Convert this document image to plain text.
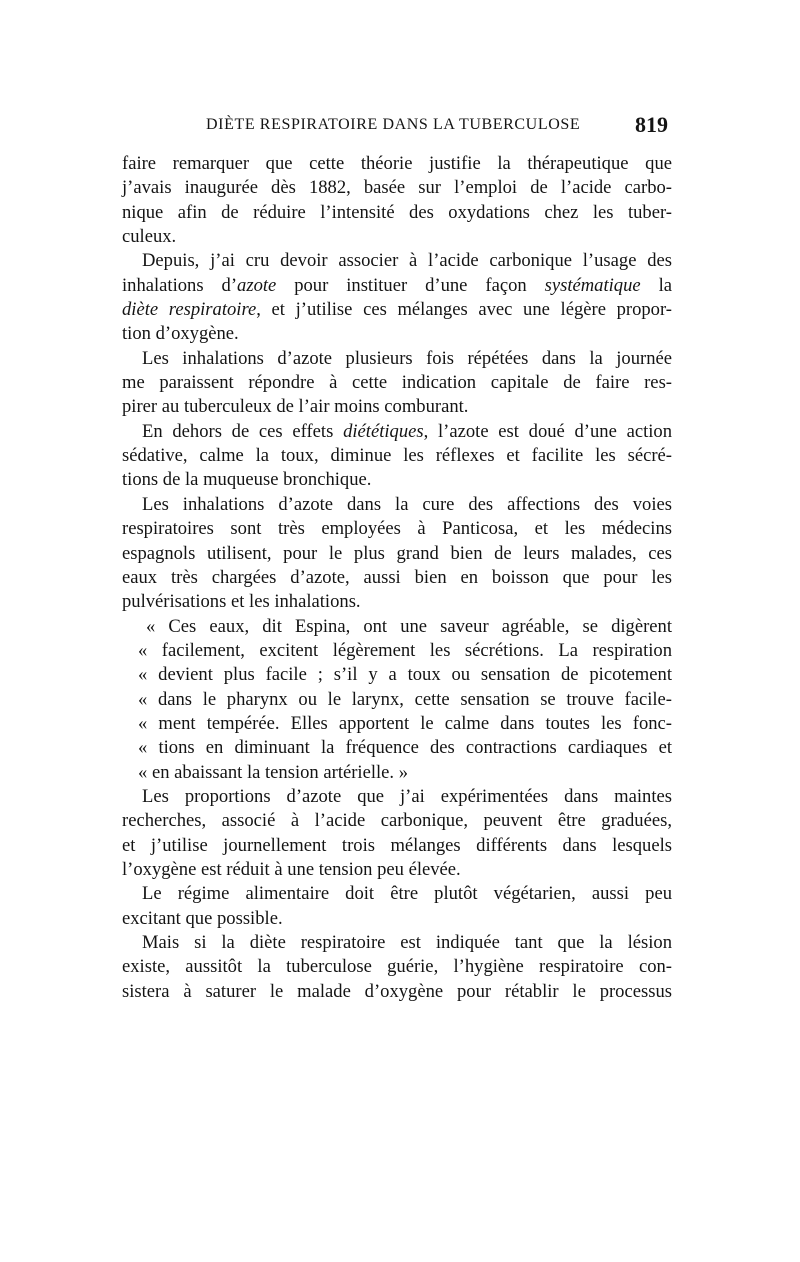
DIÈTE RESPIRATOIRE DANS LA TUBERCULOSE 819
faire remarquer que cette théorie justifie la thérapeutique que
j’avais inaugurée dès 1882, basée sur l’emploi de l’acide carbo-
nique afin de réduire l’intensité des oxydations chez les tuber-
culeux.
Depuis, j’ai cru devoir associer à l’acide carbonique l’usage des
inhalations d’azote pour instituer d’une façon systématique la
diète respiratoire, et j’utilise ces mélanges avec une légère propor-
tion d’oxygène.
Les inhalations d’azote plusieurs fois répétées dans la journée
me paraissent répondre à cette indication capitale de faire res-
pirer au tuberculeux de l’air moins comburant.
En dehors de ces effets diététiques, l’azote est doué d’une action
sédative, calme la toux, diminue les réflexes et facilite les sécré-
tions de la muqueuse bronchique.
Les inhalations d’azote dans la cure des affections des voies
respiratoires sont très employées à Panticosa, et les médecins
espagnols utilisent, pour le plus grand bien de leurs malades, ces
eaux très chargées d’azote, aussi bien en boisson que pour les
pulvérisations et les inhalations.
« Ces eaux, dit Espina, ont une saveur agréable, se digèrent
« facilement, excitent légèrement les sécrétions. La respiration
« devient plus facile ; s’il y a toux ou sensation de picotement
« dans le pharynx ou le larynx, cette sensation se trouve facile-
« ment tempérée. Elles apportent le calme dans toutes les fonc-
« tions en diminuant la fréquence des contractions cardiaques et
« en abaissant la tension artérielle. »
Les proportions d’azote que j’ai expérimentées dans maintes
recherches, associé à l’acide carbonique, peuvent être graduées,
et j’utilise journellement trois mélanges différents dans lesquels
l’oxygène est réduit à une tension peu élevée.
Le régime alimentaire doit être plutôt végétarien, aussi peu
excitant que possible.
Mais si la diète respiratoire est indiquée tant que la lésion
existe, aussitôt la tuberculose guérie, l’hygiène respiratoire con-
sistera à saturer le malade d’oxygène pour rétablir le processus
